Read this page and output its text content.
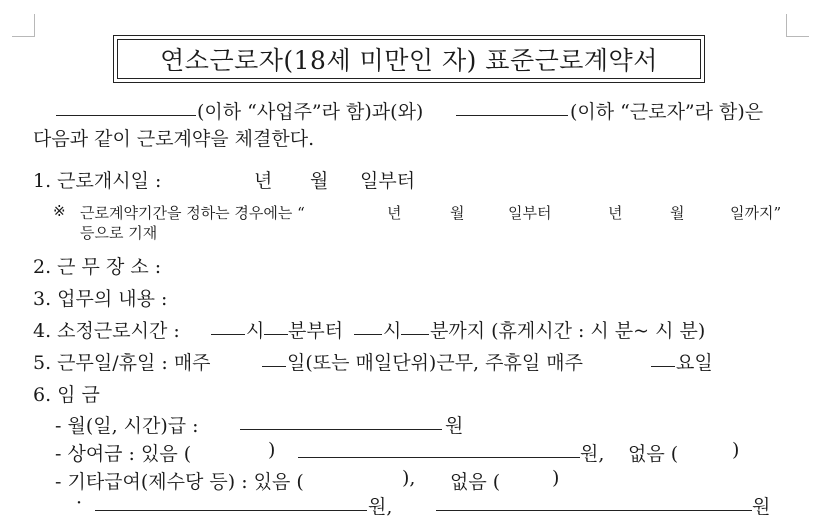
연소근로자(18세 미만인 자) 표준근로계약서
(이하 “사업주”라 함)과(와)	(이하 “근로자”라 함)은
다음과 같이 근로계약을 체결한다.
1. 근로개시일 :	년 월 일부터
※ 근로계약기간을 정하는 경우에는 “	년	월	일부터	년	월	일까지”
등으로 기재
2. 근 무 장 소 :
3. 업무의 내용 :
4. 소정근로시간 :	시 분부터 시 분까지 (휴게시간 : 시 분~ 시 분)
5. 근무일/휴일 : 매주	일(또는 매일단위)근무, 주휴일 매주	요일
6. 임 금
- 월(일, 시간)급 :	원
- 상여금 : 있음 (	)	원, 없음 (	)
- 기타급여(제수당 등) : 있음 (	), 없음 (	)
·	원,	원
